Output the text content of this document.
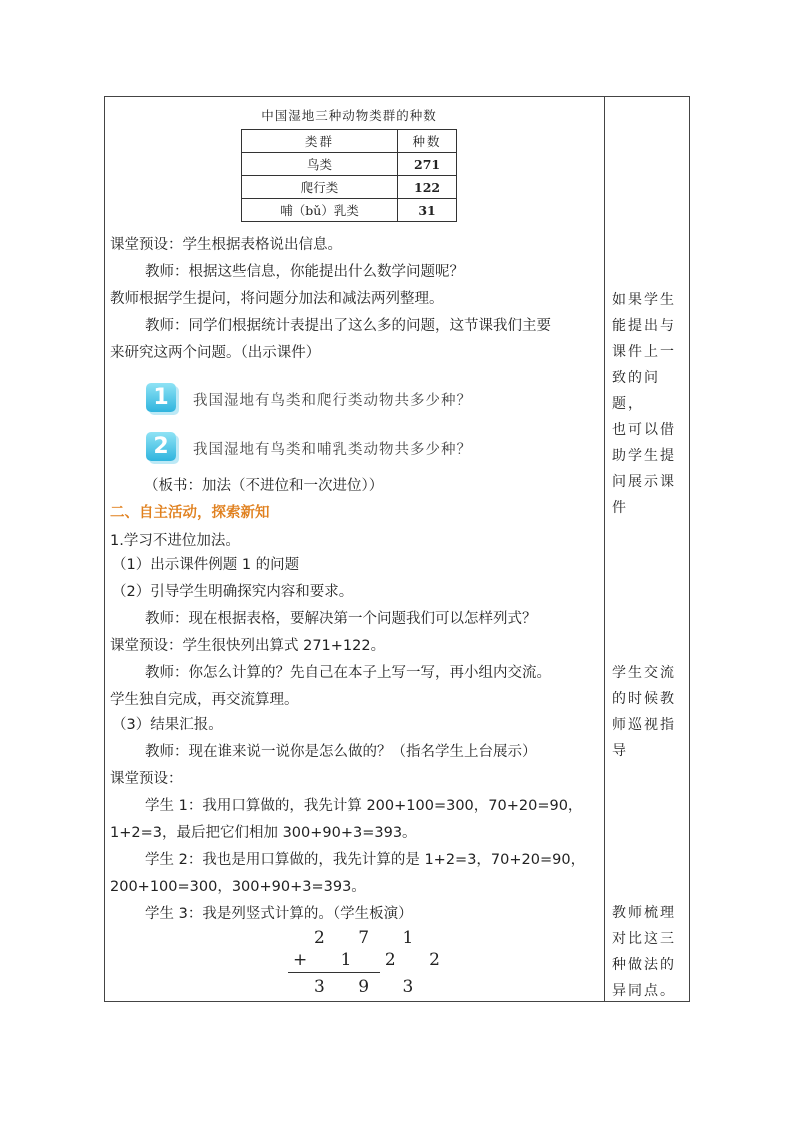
中国湿地三种动物类群的种数
类群	种数
鸟类	271
爬行类	122
哺（bǔ）乳类	31
课堂预设：学生根据表格说出信息。
教师：根据这些信息，你能提出什么数学问题呢？
教师根据学生提问，将问题分加法和减法两列整理。
教师：同学们根据统计表提出了这么多的问题，这节课我们主要
来研究这两个问题。（出示课件）
1	我国湿地有鸟类和爬行类动物共多少种？
2	我国湿地有鸟类和哺乳类动物共多少种？
（板书：加法（不进位和一次进位））
二、自主活动，探索新知
1.学习不进位加法。
（1）出示课件例题 1 的问题
（2）引导学生明确探究内容和要求。
教师：现在根据表格，要解决第一个问题我们可以怎样列式？
课堂预设：学生很快列出算式 271+122。
教师：你怎么计算的？先自己在本子上写一写，再小组内交流。
学生独自完成，再交流算理。
（3）结果汇报。
教师：现在谁来说一说你是怎么做的？（指名学生上台展示）
课堂预设：
学生 1：我用口算做的，我先计算 200+100=300，70+20=90，
1+2=3，最后把它们相加 300+90+3=393。
学生 2：我也是用口算做的，我先计算的是 1+2=3，70+20=90，
200+100=300，300+90+3=393。
学生 3：我是列竖式计算的。（学生板演）
2 7 1
+ 1 2 2
3 9 3
如果学生
能提出与
课件上一
致的问题，
也可以借
助学生提
问展示课
件
学生交流
的时候教
师巡视指
导
教师梳理
对比这三
种做法的
异同点。
